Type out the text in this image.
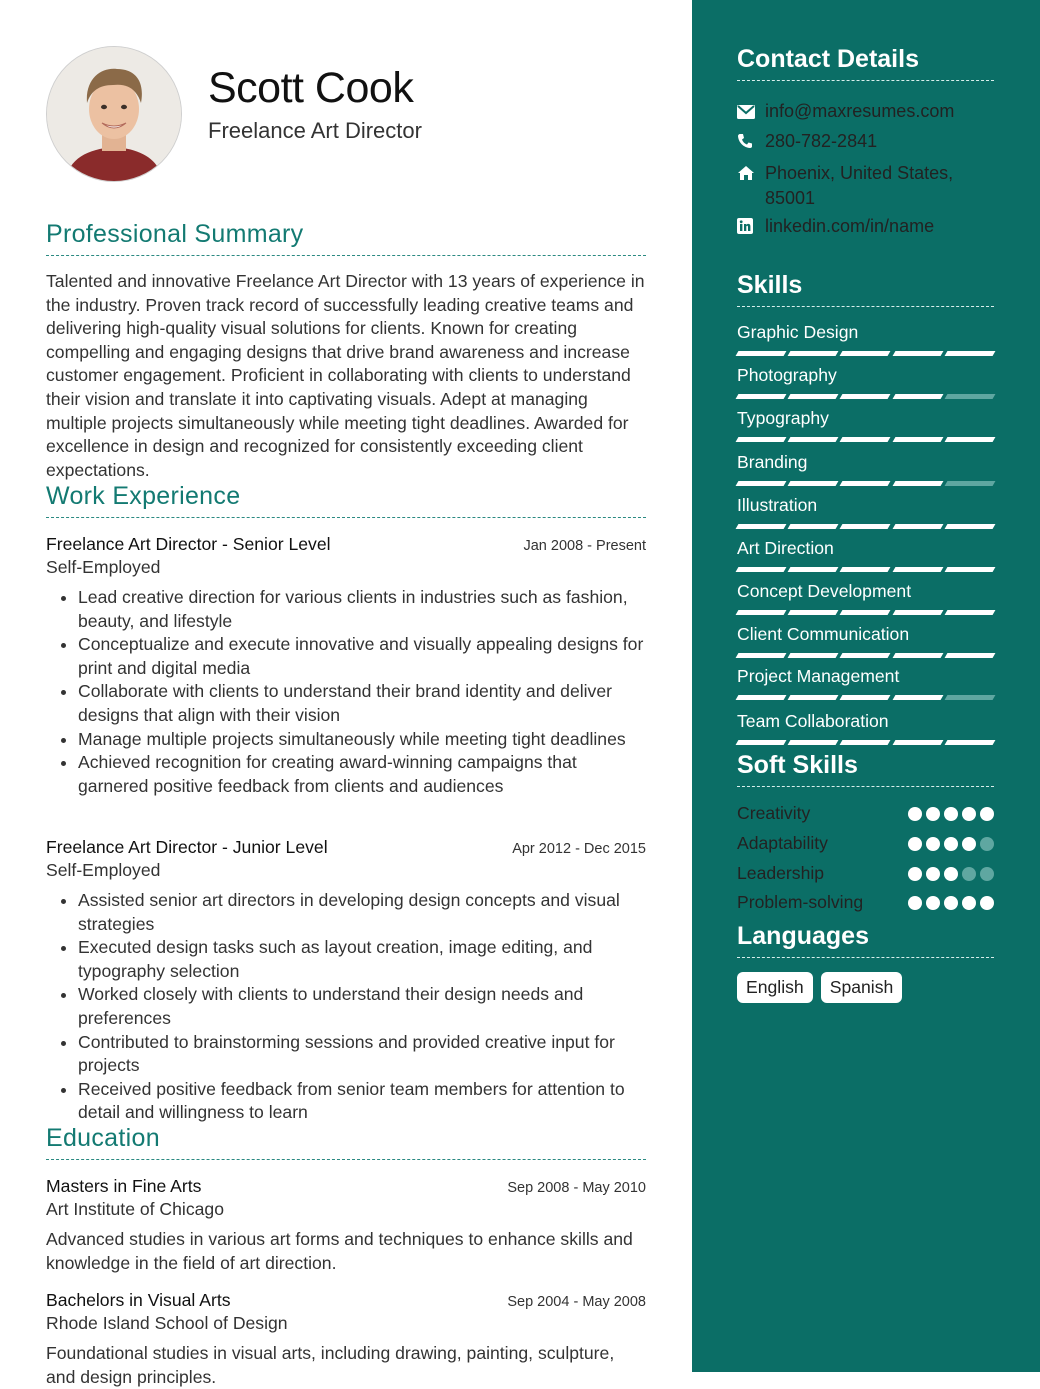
Scott Cook
Freelance Art Director
Professional Summary
Talented and innovative Freelance Art Director with 13 years of experience in the industry. Proven track record of successfully leading creative teams and delivering high-quality visual solutions for clients. Known for creating compelling and engaging designs that drive brand awareness and increase customer engagement. Proficient in collaborating with clients to understand their vision and translate it into captivating visuals. Adept at managing multiple projects simultaneously while meeting tight deadlines. Awarded for excellence in design and recognized for consistently exceeding client expectations.
Work Experience
Freelance Art Director - Senior Level	Jan 2008 - Present
Self-Employed
• Lead creative direction for various clients in industries such as fashion, beauty, and lifestyle
• Conceptualize and execute innovative and visually appealing designs for print and digital media
• Collaborate with clients to understand their brand identity and deliver designs that align with their vision
• Manage multiple projects simultaneously while meeting tight deadlines
• Achieved recognition for creating award-winning campaigns that garnered positive feedback from clients and audiences
Freelance Art Director - Junior Level	Apr 2012 - Dec 2015
Self-Employed
• Assisted senior art directors in developing design concepts and visual strategies
• Executed design tasks such as layout creation, image editing, and typography selection
• Worked closely with clients to understand their design needs and preferences
• Contributed to brainstorming sessions and provided creative input for projects
• Received positive feedback from senior team members for attention to detail and willingness to learn
Education
Masters in Fine Arts	Sep 2008 - May 2010
Art Institute of Chicago
Advanced studies in various art forms and techniques to enhance skills and knowledge in the field of art direction.
Bachelors in Visual Arts	Sep 2004 - May 2008
Rhode Island School of Design
Foundational studies in visual arts, including drawing, painting, sculpture, and design principles.
Contact Details
info@maxresumes.com
280-782-2841
Phoenix, United States,
85001
linkedin.com/in/name
Skills
Graphic Design
Photography
Typography
Branding
Illustration
Art Direction
Concept Development
Client Communication
Project Management
Team Collaboration
Soft Skills
Creativity
Adaptability
Leadership
Problem-solving
Languages
English	Spanish
